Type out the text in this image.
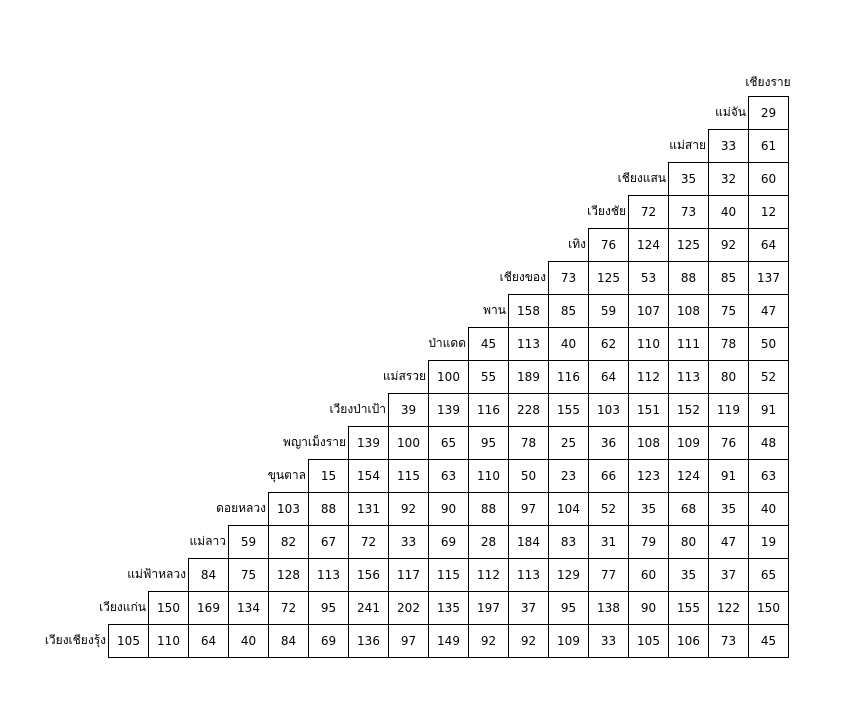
เชียงราย
แม่จัน	29
แม่สาย	33	61
เชียงแสน	35	32	60
เวียงชัย	72	73	40	12
เทิง	76	124	125	92	64
เชียงของ	73	125	53	88	85	137
พาน 158	85	59	107	108	75	47
ป่าแดด	45	113	40	62	110	111	78	50
แม่สรวย 100	55	189	116	64	112	113	80	52
เวียงป่าเป้า	39	139	116	228	155	103	151	152	119	91
พญาเม็งราย 139	100	65	95	78	25	36	108	109	76	48
ขุนตาล	15	154	115	63	110	50	23	66	123	124	91	63
ดอยหลวง 103	88	131	92	90	88	97	104	52	35	68	35	40
แม่ลาว	59	82	67	72	33	69	28	184	83	31	79	80	47	19
แม่ฟ้าหลวง	84	75	128	113	156	117	115	112	113	129	77	60	35	37	65
เวียงแก่น 150	169	134	72	95	241	202	135	197	37	95	138	90	155	122	150
เวียงเชียงรุ้ง 105	110	64	40	84	69	136	97	149	92	92	109	33	105	106	73	45
